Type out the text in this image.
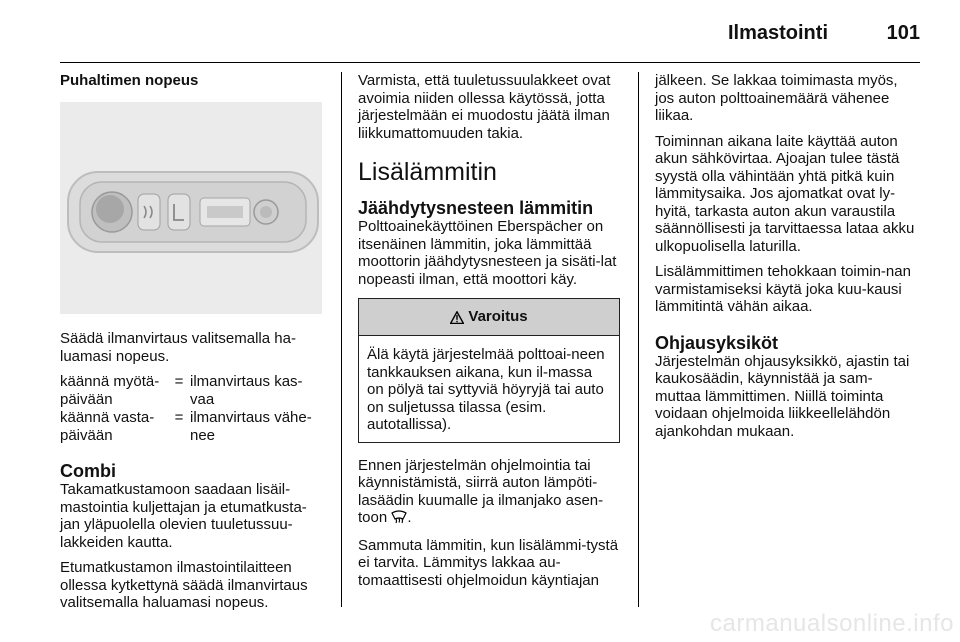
Ilmastointi	101
Puhaltimen nopeus

Säädä ilmanvirtaus valitsemalla ha-luamasi nopeus.

käännä myötä-päivään
= ilmanvirtaus kas-vaa
käännä vasta-päivään
= ilmanvirtaus vähe-nee
Combi

Takamatkustamoon saadaan lisäil-mastointia kuljettajan ja etumatkusta-jan yläpuolella olevien tuuletussuu-lakkeiden kautta.

Etumatkustamon ilmastointilaitteen ollessa kytkettynä säädä ilmanvirtaus valitsemalla haluamasi nopeus.

Varmista, että tuuletussuulakkeet ovat avoimia niiden ollessa käytössä, jotta järjestelmään ei muodostu jäätä ilman liikkumattomuuden takia.

Lisälämmitin
Jäähdytysnesteen lämmitin

Polttoainekäyttöinen Eberspächer on itsenäinen lämmitin, joka lämmittää moottorin jäähdytysnesteen ja sisäti-lat nopeasti ilman, että moottori käy.

Varoitus
Älä käytä järjestelmää polttoai-neen tankkauksen aikana, kun il-massa on pölyä tai syttyviä höyryjä tai auto on suljetussa tilassa (esim. autotallissa).

Ennen järjestelmän ohjelmointia tai käynnistämistä, siirrä auton lämpöti-lasäädin kuumalle ja ilmanjako asen-toon .

Sammuta lämmitin, kun lisälämmi-tystä ei tarvita. Lämmitys lakkaa au-tomaattisesti ohjelmoidun käyntiajan

jälkeen. Se lakkaa toimimasta myös, jos auton polttoainemäärä vähenee liikaa.

Toiminnan aikana laite käyttää auton akun sähkövirtaa. Ajoajan tulee tästä syystä olla vähintään yhtä pitkä kuin lämmitysaika. Jos ajomatkat ovat ly-hyitä, tarkasta auton akun varaustila säännöllisesti ja tarvittaessa lataa akku ulkopuolisella laturilla.

Lisälämmittimen tehokkaan toimin-nan varmistamiseksi käytä joka kuu-kausi lämmitintä vähän aikaa.

Ohjausyksiköt

Järjestelmän ohjausyksikkö, ajastin tai kaukosäädin, käynnistää ja sam-muttaa lämmittimen. Niillä toiminta voidaan ohjelmoida liikkeellelähdön ajankohdan mukaan.

carmanualsonline.info
